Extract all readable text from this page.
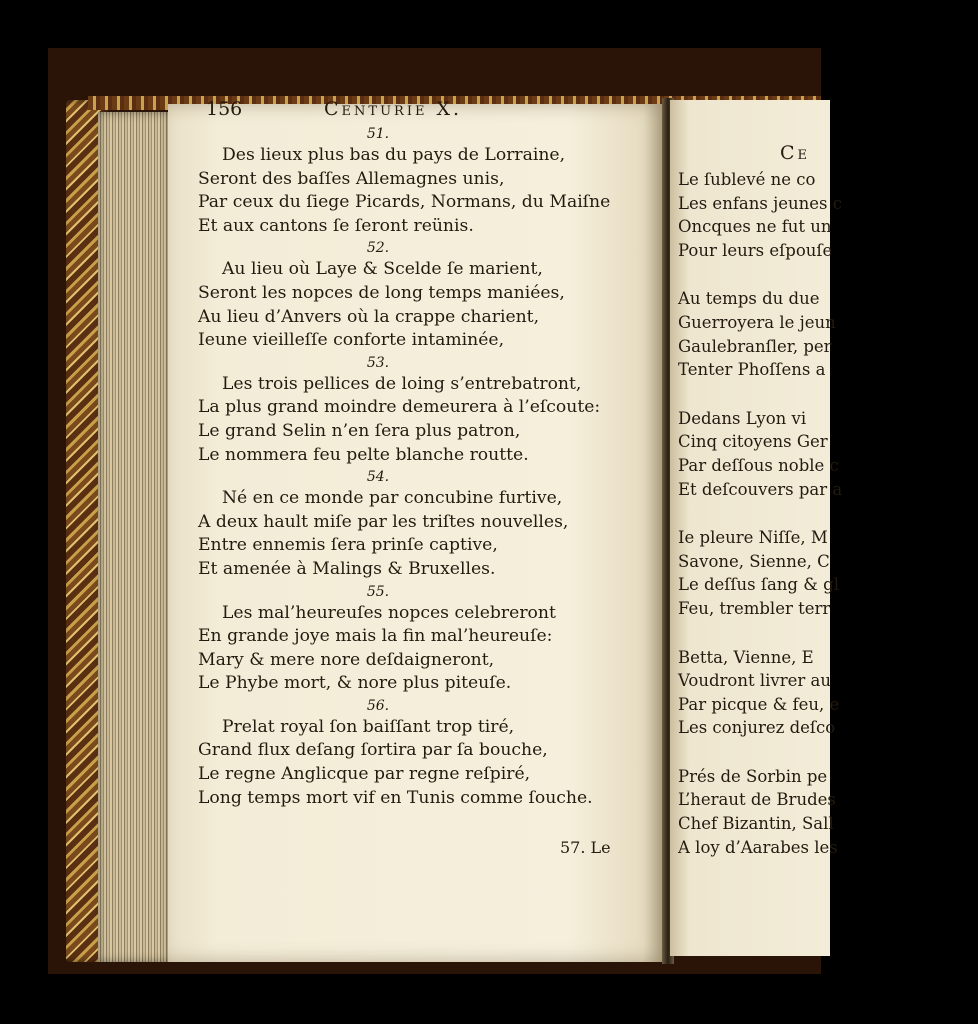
Ce
Le ſublevé ne co
Les enfans jeunes c
Oncques ne fut un
Pour leurs eſpouſe
Au temps du due
Guerroyera le jeun
Gaulebranſler, per
Tenter Phoſſens a
Dedans Lyon vi
Cinq citoyens Ger
Par deſſous noble c
Et deſcouvers par a
Ie pleure Niſſe, M
Savone, Sienne, C
Le deſſus ſang & gl
Feu, trembler terr
Betta, Vienne, E
Voudront livrer au
Par picque & feu, e
Les conjurez deſco
Prés de Sorbin pe
L’heraut de Brudes
Chef Bizantin, Sall
A loy d’Aarabes les
156	Centurie X.
51.
Des lieux plus bas du pays de Lorraine,
Seront des baſſes Allemagnes unis,
Par ceux du ſiege Picards, Normans, du Maiſne
Et aux cantons ſe ſeront reünis.
52.
Au lieu où Laye & Scelde ſe marient,
Seront les nopces de long temps maniées,
Au lieu d’Anvers où la crappe charient,
Ieune vieilleſſe conforte intaminée,
53.
Les trois pellices de loing s’entrebatront,
La plus grand moindre demeurera à l’eſcoute:
Le grand Selin n’en ſera plus patron,
Le nommera feu pelte blanche routte.
54.
Né en ce monde par concubine furtive,
A deux hault miſe par les triſtes nouvelles,
Entre ennemis ſera prinſe captive,
Et amenée à Malings & Bruxelles.
55.
Les mal’heureuſes nopces celebreront
En grande joye mais la fin mal’heureuſe:
Mary & mere nore deſdaigneront,
Le Phybe mort, & nore plus piteuſe.
56.
Prelat royal ſon baiſſant trop tiré,
Grand flux deſang ſortira par ſa bouche,
Le regne Anglicque par regne reſpiré,
Long temps mort vif en Tunis comme ſouche.
57. Le
